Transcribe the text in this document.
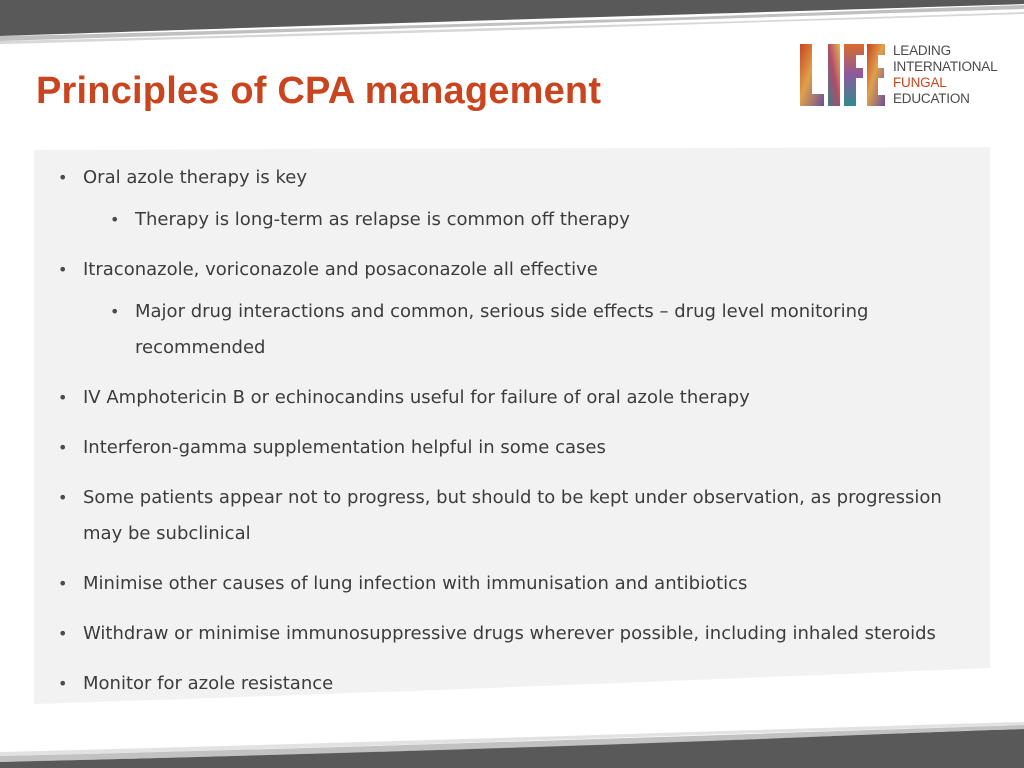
Principles of CPA management
LEADING
INTERNATIONAL
FUNGAL
EDUCATION
• Oral azole therapy is key
• Therapy is long-term as relapse is common off therapy
• Itraconazole, voriconazole and posaconazole all effective
• Major drug interactions and common, serious side effects – drug level monitoring recommended
• IV Amphotericin B or echinocandins useful for failure of oral azole therapy
• Interferon-gamma supplementation helpful in some cases
• Some patients appear not to progress, but should to be kept under observation, as progression may be subclinical
• Minimise other causes of lung infection with immunisation and antibiotics
• Withdraw or minimise immunosuppressive drugs wherever possible, including inhaled steroids
• Monitor for azole resistance
